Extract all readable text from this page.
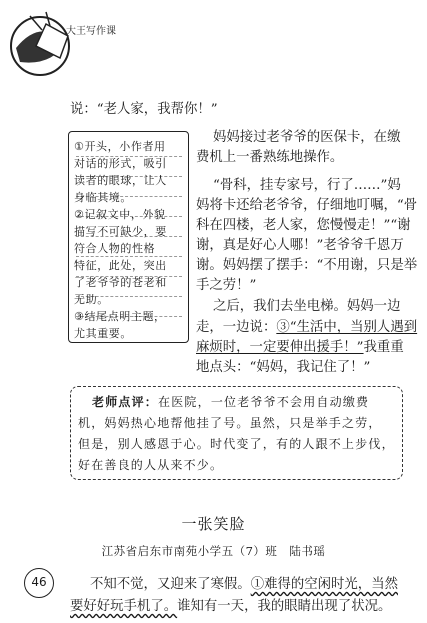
大王写作课
说：“老人家，我帮你！”
妈妈接过老爷爷的医保卡，在缴
费机上一番熟练地操作。
“骨科，挂专家号，行了……”妈
妈将卡还给老爷爷，仔细地叮嘱，“骨
科在四楼，老人家，您慢慢走！”“谢
谢，真是好心人哪！”老爷爷千恩万
谢。妈妈摆了摆手：“不用谢，只是举
手之劳！”
之后，我们去坐电梯。妈妈一边
走，一边说：③“生活中，当别人遇到
麻烦时，一定要伸出援手！”我重重
地点头：“妈妈，我记住了！”
①开头，小作者用
对话的形式，吸引
读者的眼球，让人
身临其境。
②记叙文中，外貌
描写不可缺少，要
符合人物的性格
特征，此处，突出
了老爷爷的苍老和
无助。
③结尾点明主题，
尤其重要。
老师点评：在医院，一位老爷爷不会用自动缴费
机，妈妈热心地帮他挂了号。虽然，只是举手之劳，
但是，别人感恩于心。时代变了，有的人跟不上步伐，
好在善良的人从来不少。
一张笑脸
江苏省启东市南苑小学五（7）班　陆书瑶
不知不觉，又迎来了寒假。①难得的空闲时光，当然
要好好玩手机了。谁知有一天，我的眼睛出现了状况。
46
